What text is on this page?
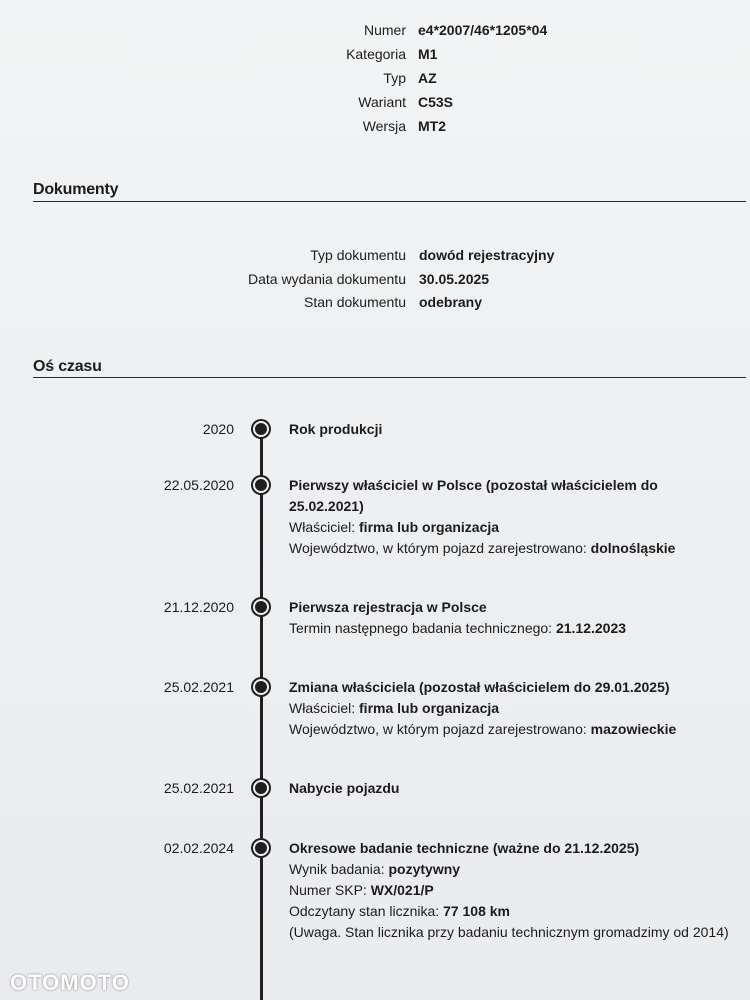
Numer e4*2007/46*1205*04
Kategoria M1
Typ AZ
Wariant C53S
Wersja MT2
Dokumenty
Typ dokumentu dowód rejestracyjny
Data wydania dokumentu 30.05.2025
Stan dokumentu odebrany
Oś czasu
2020	Rok produkcji
22.05.2020	Pierwszy właściciel w Polsce (pozostał właścicielem do 25.02.2021)
Właściciel: firma lub organizacja
Województwo, w którym pojazd zarejestrowano: dolnośląskie
21.12.2020	Pierwsza rejestracja w Polsce
Termin następnego badania technicznego: 21.12.2023
25.02.2021	Zmiana właściciela (pozostał właścicielem do 29.01.2025)
Właściciel: firma lub organizacja
Województwo, w którym pojazd zarejestrowano: mazowieckie
25.02.2021	Nabycie pojazdu
02.02.2024	Okresowe badanie techniczne (ważne do 21.12.2025)
Wynik badania: pozytywny
Numer SKP: WX/021/P
Odczytany stan licznika: 77 108 km
(Uwaga. Stan licznika przy badaniu technicznym gromadzimy od 2014)
OTOMOTO
